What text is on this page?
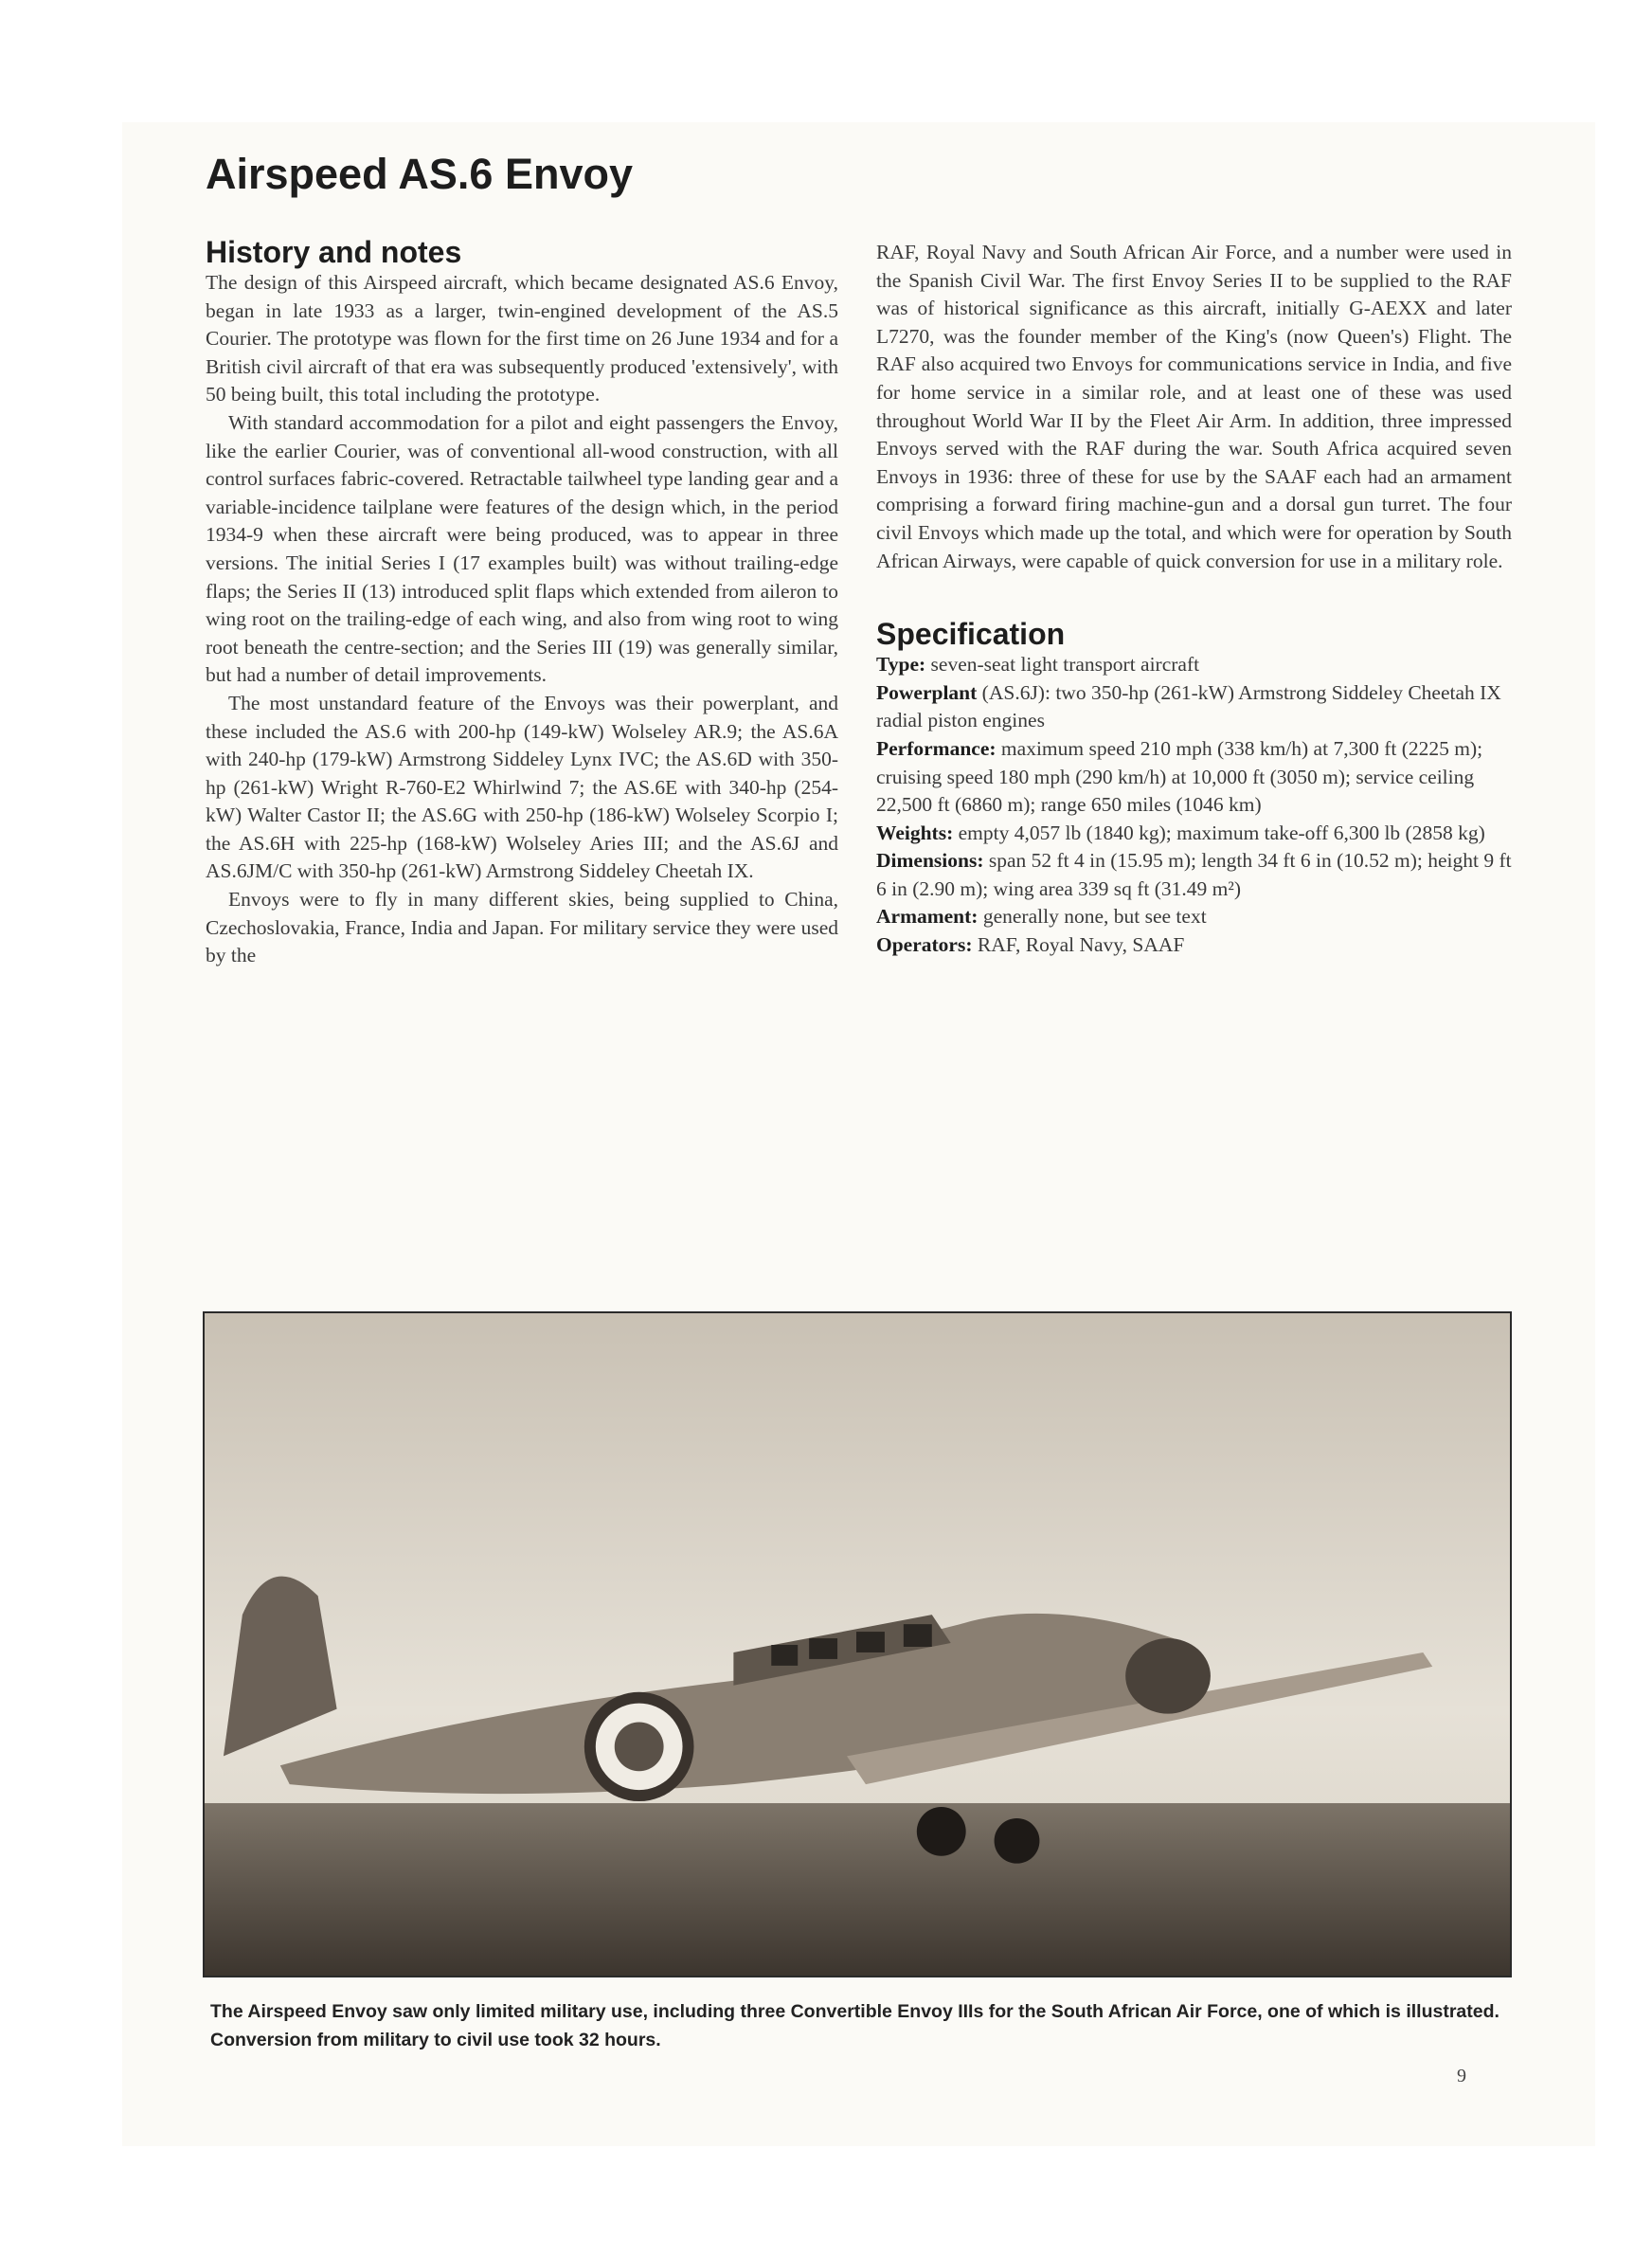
Airspeed AS.6 Envoy
History and notes

The design of this Airspeed aircraft, which became designated AS.6 Envoy, began in late 1933 as a larger, twin-engined development of the AS.5 Courier. The prototype was flown for the first time on 26 June 1934 and for a British civil aircraft of that era was subsequently produced 'extensively', with 50 being built, this total including the prototype.

With standard accommodation for a pilot and eight passengers the Envoy, like the earlier Courier, was of conventional all-wood construction, with all control surfaces fabric-covered. Retractable tailwheel type landing gear and a variable-incidence tailplane were features of the design which, in the period 1934-9 when these aircraft were being produced, was to appear in three versions. The initial Series I (17 examples built) was without trailing-edge flaps; the Series II (13) introduced split flaps which extended from aileron to wing root on the trailing-edge of each wing, and also from wing root to wing root beneath the centre-section; and the Series III (19) was generally similar, but had a number of detail improvements.

The most unstandard feature of the Envoys was their powerplant, and these included the AS.6 with 200-hp (149-kW) Wolseley AR.9; the AS.6A with 240-hp (179-kW) Armstrong Siddeley Lynx IVC; the AS.6D with 350-hp (261-kW) Wright R-760-E2 Whirlwind 7; the AS.6E with 340-hp (254-kW) Walter Castor II; the AS.6G with 250-hp (186-kW) Wolseley Scorpio I; the AS.6H with 225-hp (168-kW) Wolseley Aries III; and the AS.6J and AS.6JM/C with 350-hp (261-kW) Armstrong Siddeley Cheetah IX.

Envoys were to fly in many different skies, being supplied to China, Czechoslovakia, France, India and Japan. For military service they were used by the

RAF, Royal Navy and South African Air Force, and a number were used in the Spanish Civil War. The first Envoy Series II to be supplied to the RAF was of historical significance as this aircraft, initially G-AEXX and later L7270, was the founder member of the King's (now Queen's) Flight. The RAF also acquired two Envoys for communications service in India, and five for home service in a similar role, and at least one of these was used throughout World War II by the Fleet Air Arm. In addition, three impressed Envoys served with the RAF during the war. South Africa acquired seven Envoys in 1936: three of these for use by the SAAF each had an armament comprising a forward firing machine-gun and a dorsal gun turret. The four civil Envoys which made up the total, and which were for operation by South African Airways, were capable of quick conversion for use in a military role.

Specification

Type: seven-seat light transport aircraft

Powerplant (AS.6J): two 350-hp (261-kW) Armstrong Siddeley Cheetah IX radial piston engines

Performance: maximum speed 210 mph (338 km/h) at 7,300 ft (2225 m); cruising speed 180 mph (290 km/h) at 10,000 ft (3050 m); service ceiling 22,500 ft (6860 m); range 650 miles (1046 km)

Weights: empty 4,057 lb (1840 kg); maximum take-off 6,300 lb (2858 kg)

Dimensions: span 52 ft 4 in (15.95 m); length 34 ft 6 in (10.52 m); height 9 ft 6 in (2.90 m); wing area 339 sq ft (31.49 m²)

Armament: generally none, but see text

Operators: RAF, Royal Navy, SAAF

The Airspeed Envoy saw only limited military use, including three Convertible Envoy IIIs for the South African Air Force, one of which is illustrated. Conversion from military to civil use took 32 hours.

9
